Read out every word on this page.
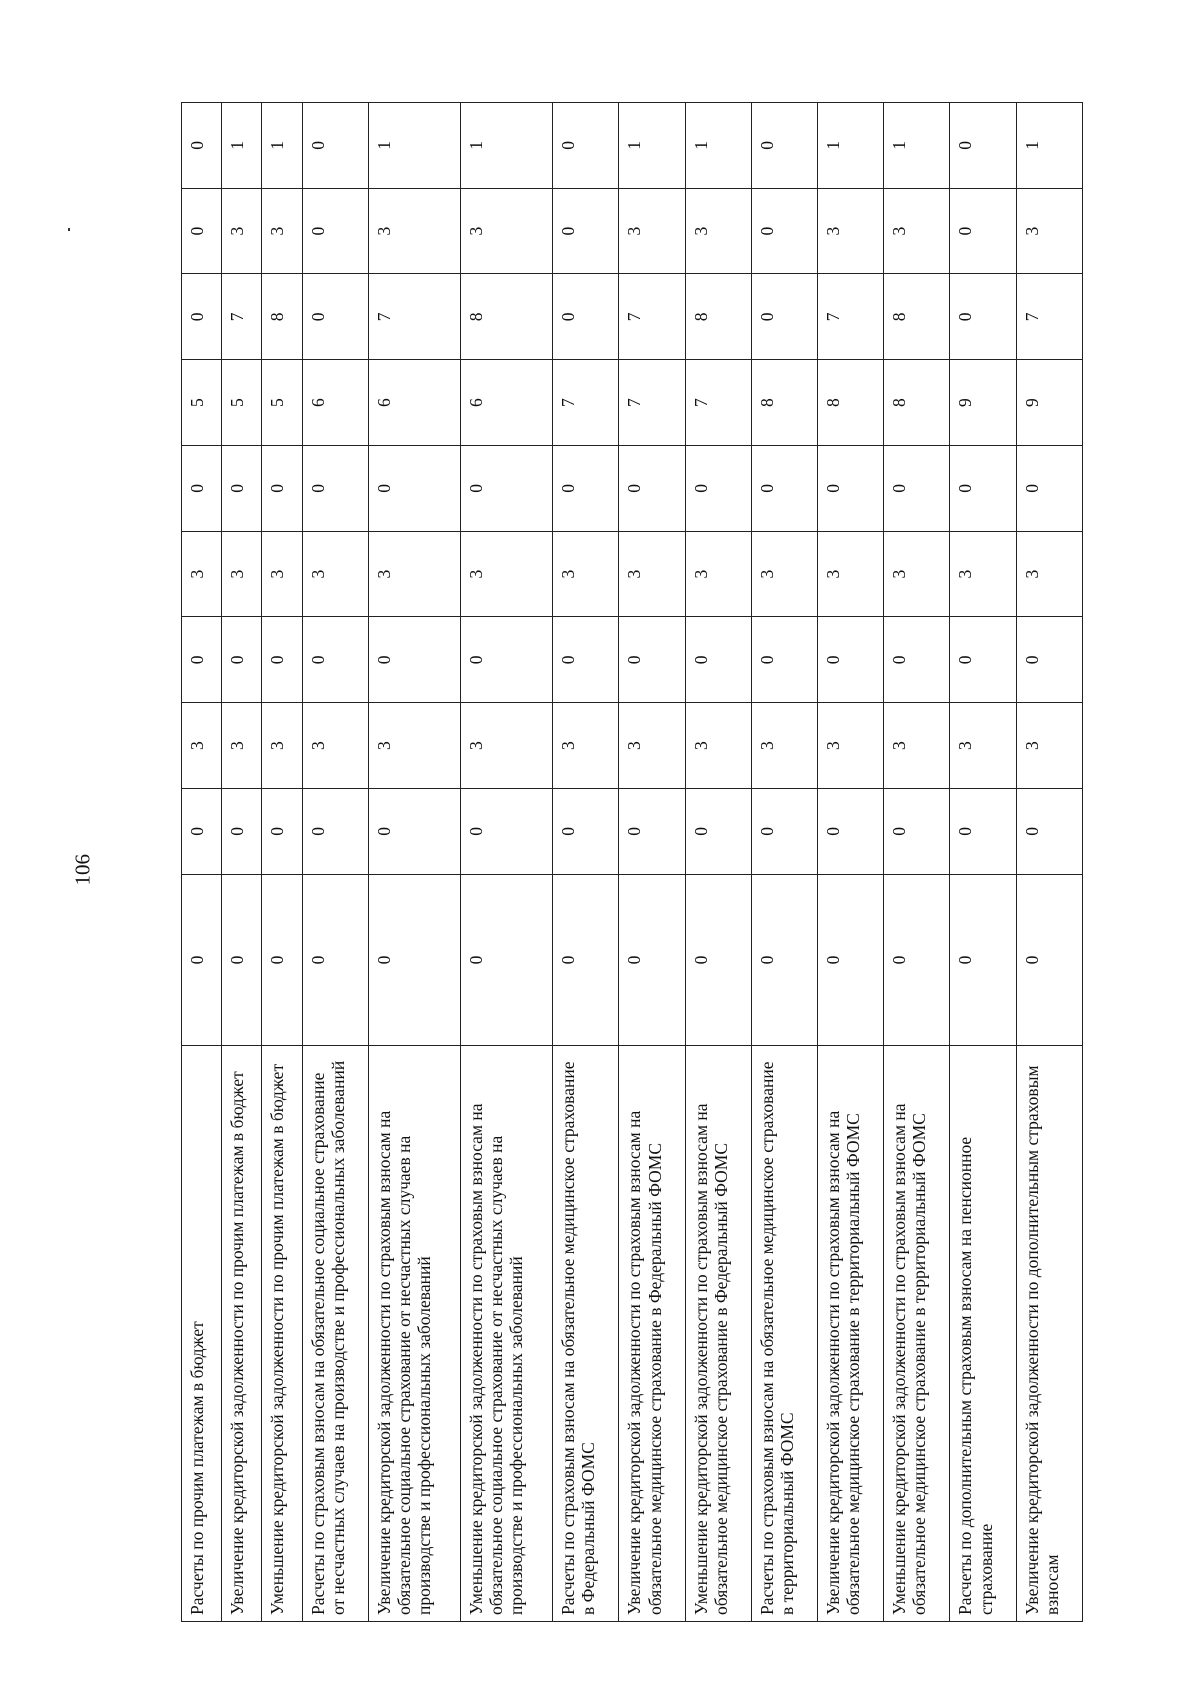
106
Расчеты по прочим платежам в бюджет	0	0	3	0	3	0	5	0	0	0
Увеличение кредиторской задолженности по прочим платежам в бюджет	0	0	3	0	3	0	5	7	3	1
Уменьшение кредиторской задолженности по прочим платежам в бюджет	0	0	3	0	3	0	5	8	3	1
Расчеты по страховым взносам на обязательное социальное страхование от несчастных случаев на производстве и профессиональных заболеваний	0	0	3	0	3	0	6	0	0	0
Увеличение кредиторской задолженности по страховым взносам на обязательное социальное страхование от несчастных случаев на производстве и профессиональных заболеваний	0	0	3	0	3	0	6	7	3	1
Уменьшение кредиторской задолженности по страховым взносам на обязательное социальное страхование от несчастных случаев на производстве и профессиональных заболеваний	0	0	3	0	3	0	6	8	3	1
Расчеты по страховым взносам на обязательное медицинское страхование в Федеральный ФОМС	0	0	3	0	3	0	7	0	0	0
Увеличение кредиторской задолженности по страховым взносам на обязательное медицинское страхование в Федеральный ФОМС	0	0	3	0	3	0	7	7	3	1
Уменьшение кредиторской задолженности по страховым взносам на обязательное медицинское страхование в Федеральный ФОМС	0	0	3	0	3	0	7	8	3	1
Расчеты по страховым взносам на обязательное медицинское страхование в территориальный ФОМС	0	0	3	0	3	0	8	0	0	0
Увеличение кредиторской задолженности по страховым взносам на обязательное медицинское страхование в территориальный ФОМС	0	0	3	0	3	0	8	7	3	1
Уменьшение кредиторской задолженности по страховым взносам на обязательное медицинское страхование в территориальный ФОМС	0	0	3	0	3	0	8	8	3	1
Расчеты по дополнительным страховым взносам на пенсионное страхование	0	0	3	0	3	0	9	0	0	0
Увеличение кредиторской задолженности по дополнительным страховым взносам	0	0	3	0	3	0	9	7	3	1
